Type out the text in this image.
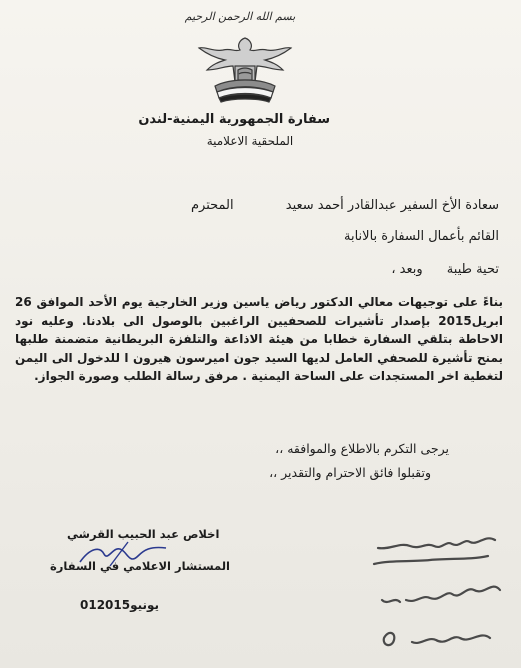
بسم الله الرحمن الرحيم
سفارة الجمهورية اليمنية-لندن
الملحقية الاعلامية
سعادة الأخ السفير عبدالقادر أحمد سعيد المحترم
القائم بأعمال السفارة بالانابة
تحية طيبة وبعد ،
بناءً على توجيهات معالي الدكتور رياض ياسين وزير الخارجية يوم الأحد الموافق 26 ابريل2015 بإصدار تأشيرات للصحفيين الراغبين بالوصول الى بلادنا. وعليه نود الاحاطة بتلقي السفارة خطابا من هيئة الاذاعة والتلفزة البريطانية متضمنة طلبها بمنح تأشيرة للصحفي العامل لديها السيد جون اميرسون هيرون ا للدخول الى اليمن لتغطية اخر المستجدات على الساحة اليمنية . مرفق رسالة الطلب وصورة الجواز.
يرجى التكرم بالاطلاع والموافقه ،،
وتقبلوا فائق الاحترام والتقدير ،،
اخلاص عبد الحبيب القرشي
المستشار الاعلامي في السفارة
01يونيو2015
